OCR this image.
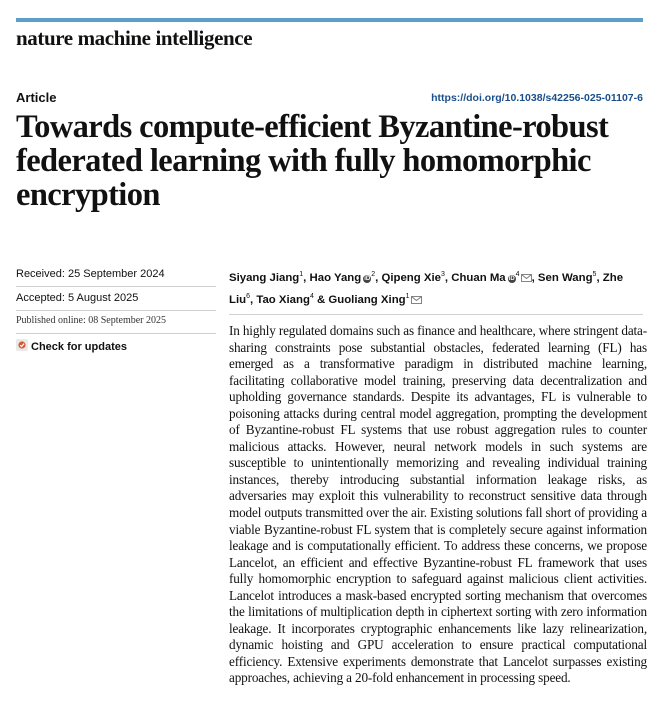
nature machine intelligence
Article	https://doi.org/10.1038/s42256-025-01107-6
Towards compute-efficient Byzantine-robust federated learning with fully homomorphic encryption
Received: 25 September 2024
Accepted: 5 August 2025
Published online: 08 September 2025
Check for updates
Siyang Jiang$^1$, Hao Yang $iD^2$, Qipeng Xie$^3$, Chuan Ma $iD^4$ , Sen Wang$^5$, Zhe Liu$^6$, Tao Xiang$^4$ & Guoliang Xing$^1$

In highly regulated domains such as finance and healthcare, where stringent data-sharing constraints pose substantial obstacles, federated learning (FL) has emerged as a transformative paradigm in distributed machine learning, facilitating collaborative model training, preserving data decentralization and upholding governance standards. Despite its advantages, FL is vulnerable to poisoning attacks during central model aggregation, prompting the development of Byzantine-robust FL systems that use robust aggregation rules to counter malicious attacks. However, neural network models in such systems are susceptible to unintentionally memorizing and revealing individual training instances, thereby introducing substantial information leakage risks, as adversaries may exploit this vulnerability to reconstruct sensitive data through model outputs transmitted over the air. Existing solutions fall short of providing a viable Byzantine-robust FL system that is completely secure against information leakage and is computationally efficient. To address these concerns, we propose Lancelot, an efficient and effective Byzantine-robust FL framework that uses fully homomorphic encryption to safeguard against malicious client activities. Lancelot introduces a mask-based encrypted sorting mechanism that overcomes the limitations of multiplication depth in ciphertext sorting with zero information leakage. It incorporates cryptographic enhancements like lazy relinearization, dynamic hoisting and GPU acceleration to ensure practical computational efficiency. Extensive experiments demonstrate that Lancelot surpasses existing approaches, achieving a 20-fold enhancement in processing speed.
